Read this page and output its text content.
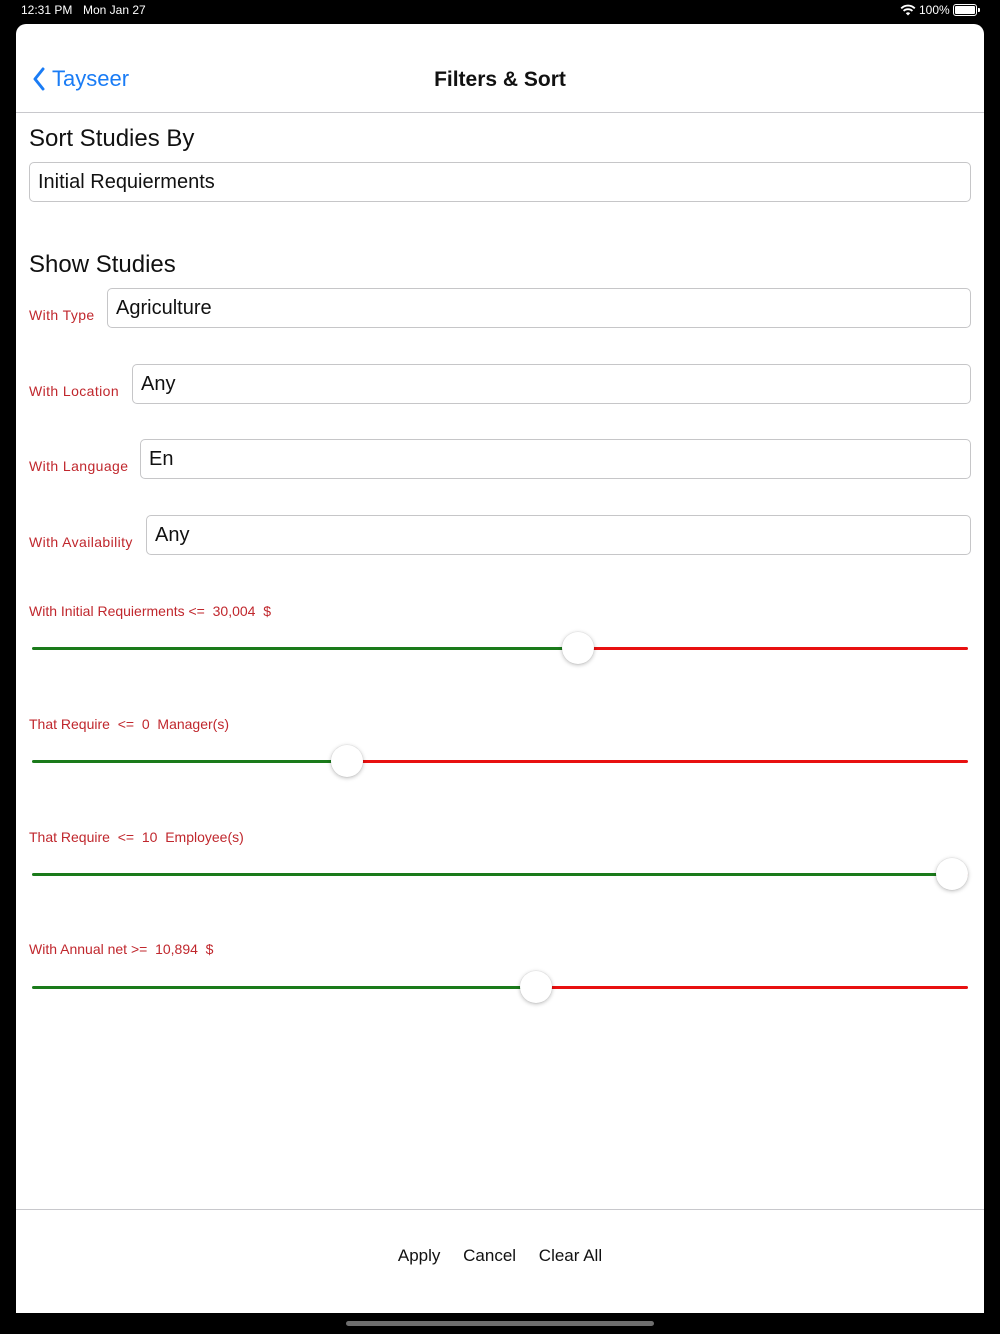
12:31 PM Mon Jan 27	100%
Tayseer	Filters & Sort
Sort Studies By
Initial Requierments
Show Studies
With Type	Agriculture
With Location	Any
With Language	En
With Availability	Any
With Initial Requierments <=  30,004  $
That Require  <=  0  Manager(s)
That Require  <=  10  Employee(s)
With Annual net >=  10,894  $
Apply Cancel Clear All
